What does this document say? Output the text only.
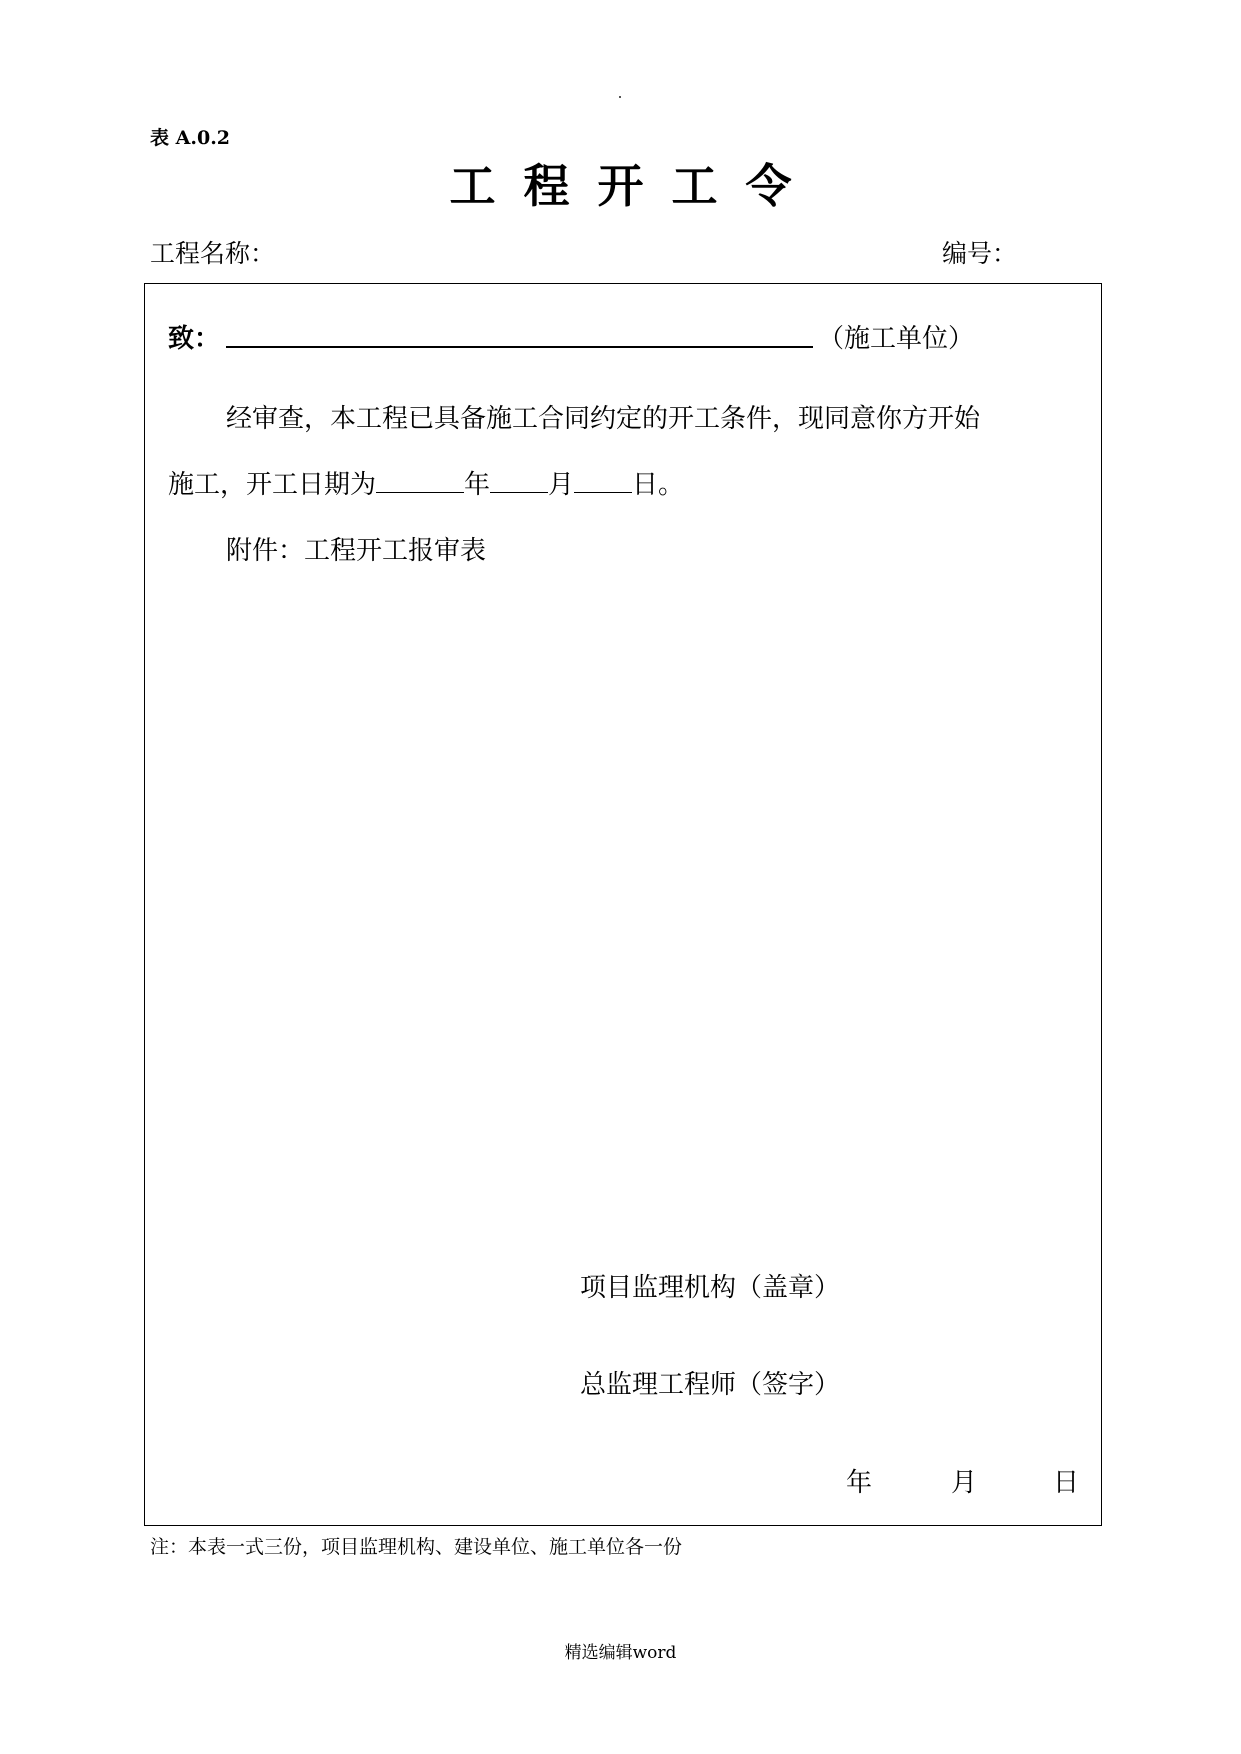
表 A.0.2
工程开工令
工程名称：	编号：
致：	（施工单位）
经审查，本工程已具备施工合同约定的开工条件，现同意你方开始
施工，开工日期为	年 月 日。
附件：工程开工报审表
项目监理机构（盖章）
总监理工程师（签字）
年	月	日
注：本表一式三份，项目监理机构、建设单位、施工单位各一份
精选编辑word
